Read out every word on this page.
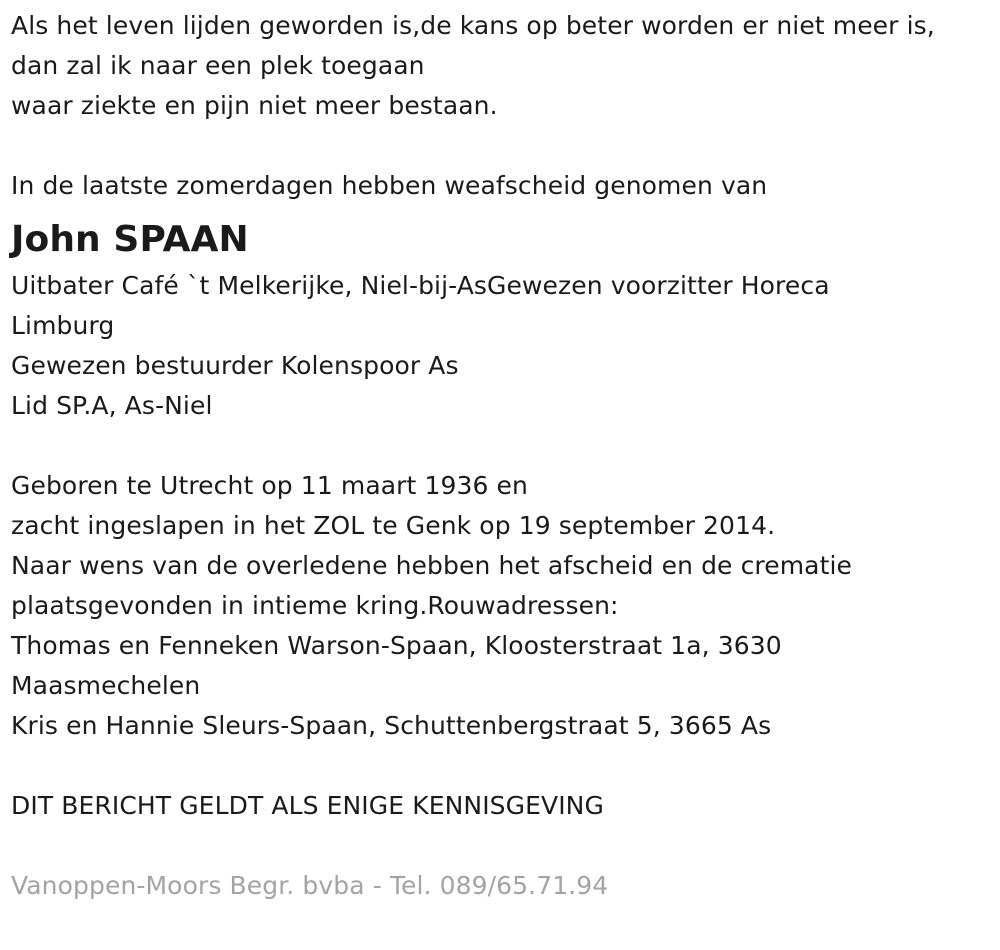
Als het leven lijden geworden is,de kans op beter worden er niet meer is,
dan zal ik naar een plek toegaan
waar ziekte en pijn niet meer bestaan.
In de laatste zomerdagen hebben weafscheid genomen van
John SPAAN
Uitbater Café `t Melkerijke, Niel-bij-AsGewezen voorzitter Horeca
Limburg
Gewezen bestuurder Kolenspoor As
Lid SP.A, As-Niel
Geboren te Utrecht op 11 maart 1936 en
zacht ingeslapen in het ZOL te Genk op 19 september 2014.
Naar wens van de overledene hebben het afscheid en de crematie
plaatsgevonden in intieme kring.Rouwadressen:
Thomas en Fenneken Warson-Spaan, Kloosterstraat 1a, 3630
Maasmechelen
Kris en Hannie Sleurs-Spaan, Schuttenbergstraat 5, 3665 As
DIT BERICHT GELDT ALS ENIGE KENNISGEVING
Vanoppen-Moors Begr. bvba - Tel. 089/65.71.94
